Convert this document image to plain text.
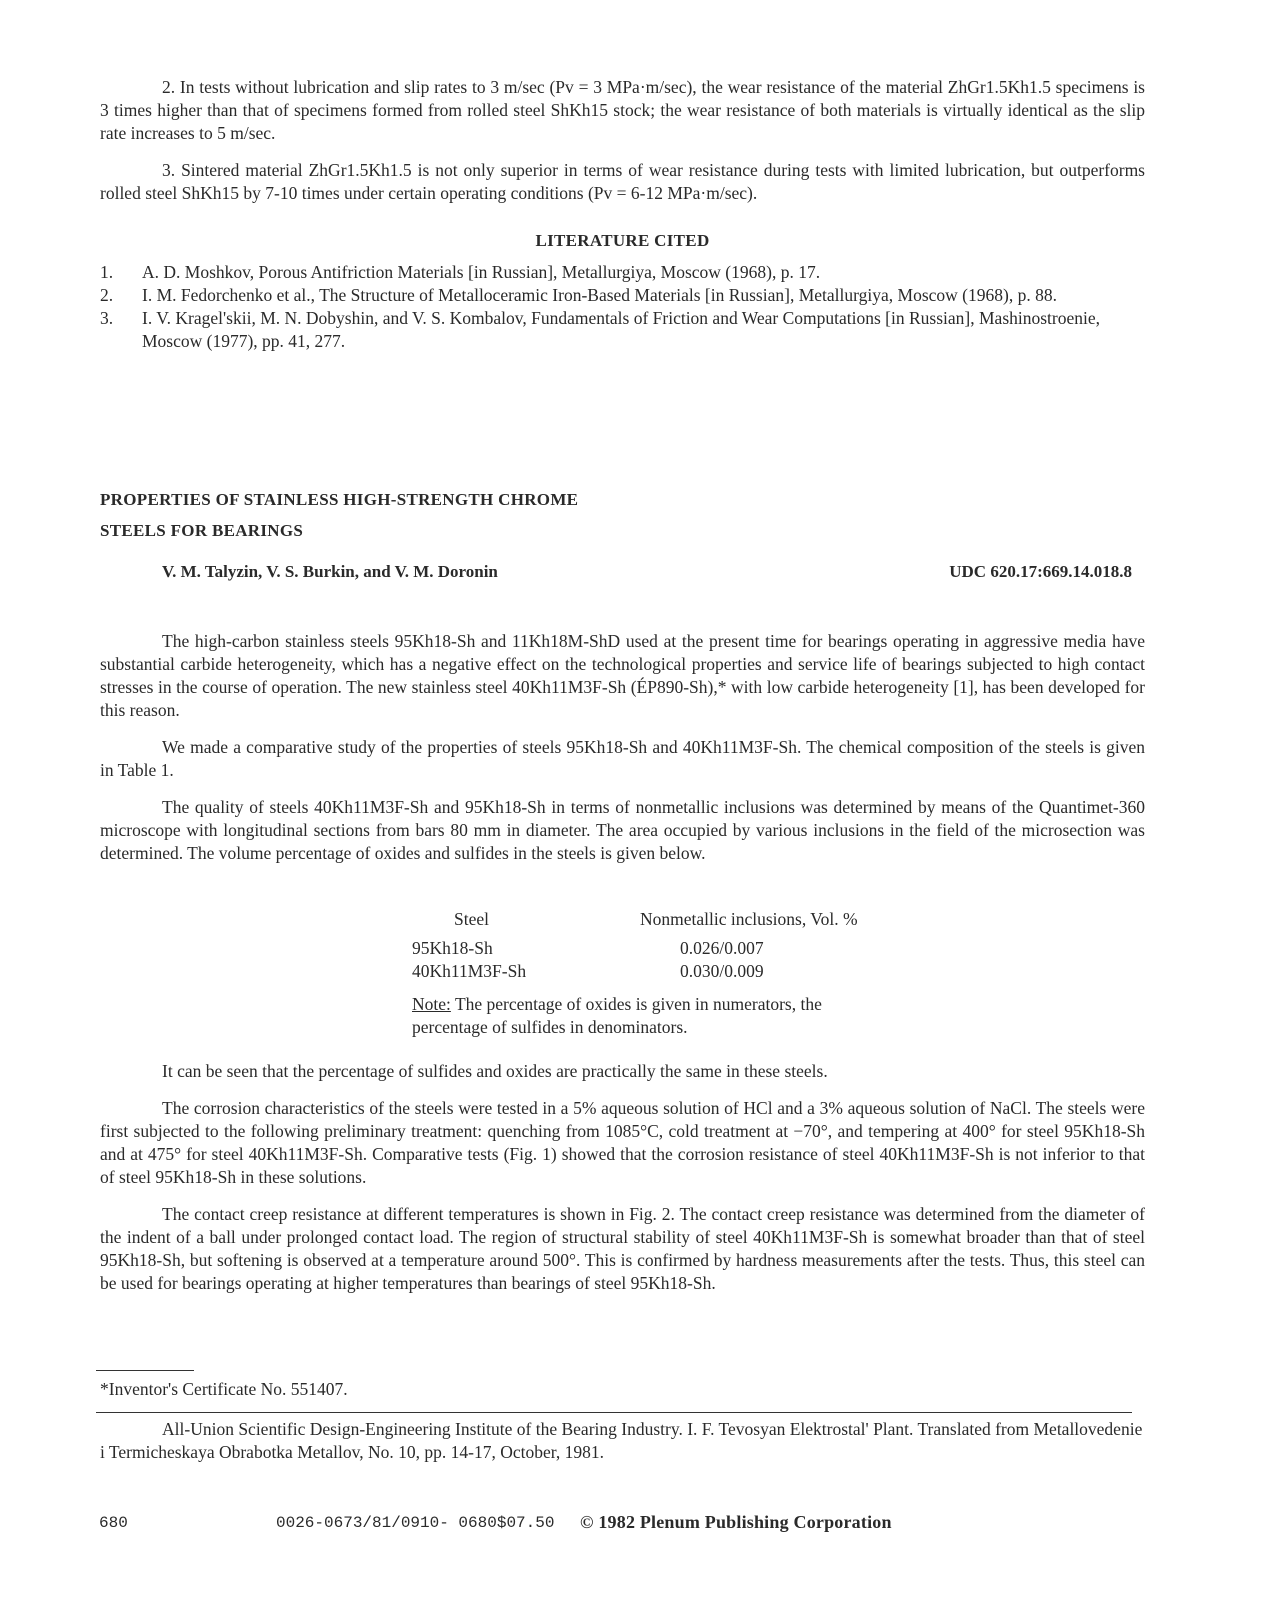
2. In tests without lubrication and slip rates to 3 m/sec (Pv = 3 MPa·m/sec), the wear resistance of the material ZhGr1.5Kh1.5 specimens is 3 times higher than that of specimens formed from rolled steel ShKh15 stock; the wear resistance of both materials is virtually identical as the slip rate increases to 5 m/sec.

3. Sintered material ZhGr1.5Kh1.5 is not only superior in terms of wear resistance during tests with limited lubrication, but outperforms rolled steel ShKh15 by 7-10 times under certain operating conditions (Pv = 6-12 MPa·m/sec).

LITERATURE CITED
1. A. D. Moshkov, Porous Antifriction Materials [in Russian], Metallurgiya, Moscow (1968), p. 17.
2. I. M. Fedorchenko et al., The Structure of Metalloceramic Iron-Based Materials [in Russian], Metallurgiya, Moscow (1968), p. 88.
3. I. V. Kragel'skii, M. N. Dobyshin, and V. S. Kombalov, Fundamentals of Friction and Wear Computations [in Russian], Mashinostroenie, Moscow (1977), pp. 41, 277.
PROPERTIES OF STAINLESS HIGH-STRENGTH CHROME
STEELS FOR BEARINGS
V. M. Talyzin, V. S. Burkin, and V. M. Doronin	UDC 620.17:669.14.018.8

The high-carbon stainless steels 95Kh18-Sh and 11Kh18M-ShD used at the present time for bearings operating in aggressive media have substantial carbide heterogeneity, which has a negative effect on the technological properties and service life of bearings subjected to high contact stresses in the course of operation. The new stainless steel 40Kh11M3F-Sh (ÉP890-Sh),* with low carbide heterogeneity [1], has been developed for this reason.

We made a comparative study of the properties of steels 95Kh18-Sh and 40Kh11M3F-Sh. The chemical composition of the steels is given in Table 1.

The quality of steels 40Kh11M3F-Sh and 95Kh18-Sh in terms of nonmetallic inclusions was determined by means of the Quantimet-360 microscope with longitudinal sections from bars 80 mm in diameter. The area occupied by various inclusions in the field of the microsection was determined. The volume percentage of oxides and sulfides in the steels is given below.

Steel	Nonmetallic inclusions, Vol. %
95Kh18-Sh	0.026/0.007
40Kh11M3F-Sh	0.030/0.009
Note: The percentage of oxides is given in numerators, the percentage of sulfides in denominators.

It can be seen that the percentage of sulfides and oxides are practically the same in these steels.

The corrosion characteristics of the steels were tested in a 5% aqueous solution of HCl and a 3% aqueous solution of NaCl. The steels were first subjected to the following preliminary treatment: quenching from 1085°C, cold treatment at −70°, and tempering at 400° for steel 95Kh18-Sh and at 475° for steel 40Kh11M3F-Sh. Comparative tests (Fig. 1) showed that the corrosion resistance of steel 40Kh11M3F-Sh is not inferior to that of steel 95Kh18-Sh in these solutions.

The contact creep resistance at different temperatures is shown in Fig. 2. The contact creep resistance was determined from the diameter of the indent of a ball under prolonged contact load. The region of structural stability of steel 40Kh11M3F-Sh is somewhat broader than that of steel 95Kh18-Sh, but softening is observed at a temperature around 500°. This is confirmed by hardness measurements after the tests. Thus, this steel can be used for bearings operating at higher temperatures than bearings of steel 95Kh18-Sh.

*Inventor's Certificate No. 551407.

All-Union Scientific Design-Engineering Institute of the Bearing Industry. I. F. Tevosyan Elektrostal' Plant. Translated from Metallovedenie i Termicheskaya Obrabotka Metallov, No. 10, pp. 14-17, October, 1981.

680	0026-0673/81/0910- 0680$07.50 © 1982 Plenum Publishing Corporation
